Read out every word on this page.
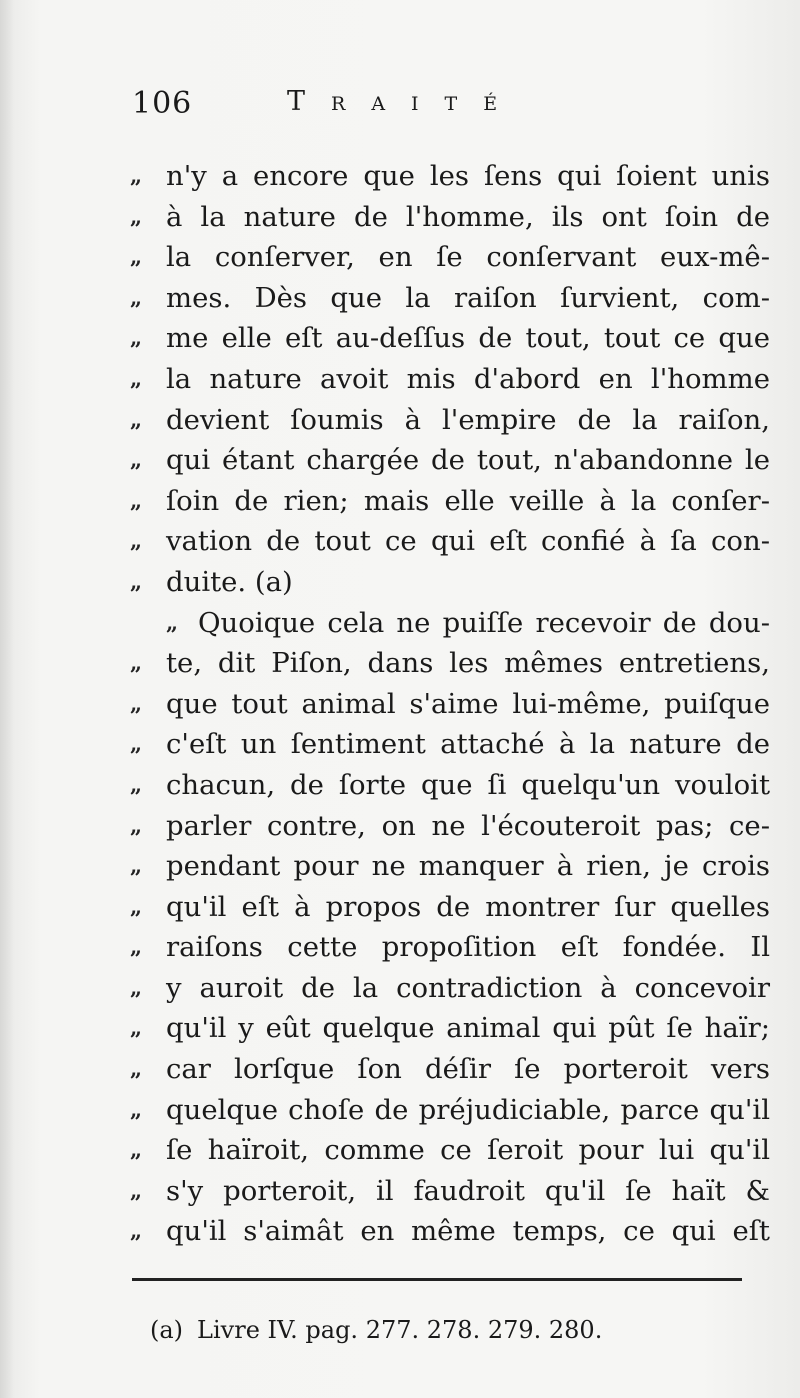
106	Traité
„ n'y a encore que les ſens qui ſoient unis
„ à la nature de l'homme, ils ont ſoin de
„ la conſerver, en ſe conſervant eux-mê-
„ mes. Dès que la raiſon ſurvient, com-
„ me elle eſt au-deſſus de tout, tout ce que
„ la nature avoit mis d'abord en l'homme
„ devient ſoumis à l'empire de la raiſon,
„ qui étant chargée de tout, n'abandonne le
„ ſoin de rien; mais elle veille à la conſer-
„ vation de tout ce qui eſt confié à ſa con-
„ duite. (a)
„ Quoique cela ne puiſſe recevoir de dou-
„ te, dit Piſon, dans les mêmes entretiens,
„ que tout animal s'aime lui-même, puiſque
„ c'eſt un ſentiment attaché à la nature de
„ chacun, de ſorte que ſi quelqu'un vouloit
„ parler contre, on ne l'écouteroit pas; ce-
„ pendant pour ne manquer à rien, je crois
„ qu'il eſt à propos de montrer ſur quelles
„ raiſons cette propoſition eſt fondée. Il
„ y auroit de la contradiction à concevoir
„ qu'il y eût quelque animal qui pût ſe haïr;
„ car lorſque ſon déſir ſe porteroit vers
„ quelque choſe de préjudiciable, parce qu'il
„ ſe haïroit, comme ce ſeroit pour lui qu'il
„ s'y porteroit, il faudroit qu'il ſe haït &
„ qu'il s'aimât en même temps, ce qui eſt
(a) Livre IV. pag. 277. 278. 279. 280.
